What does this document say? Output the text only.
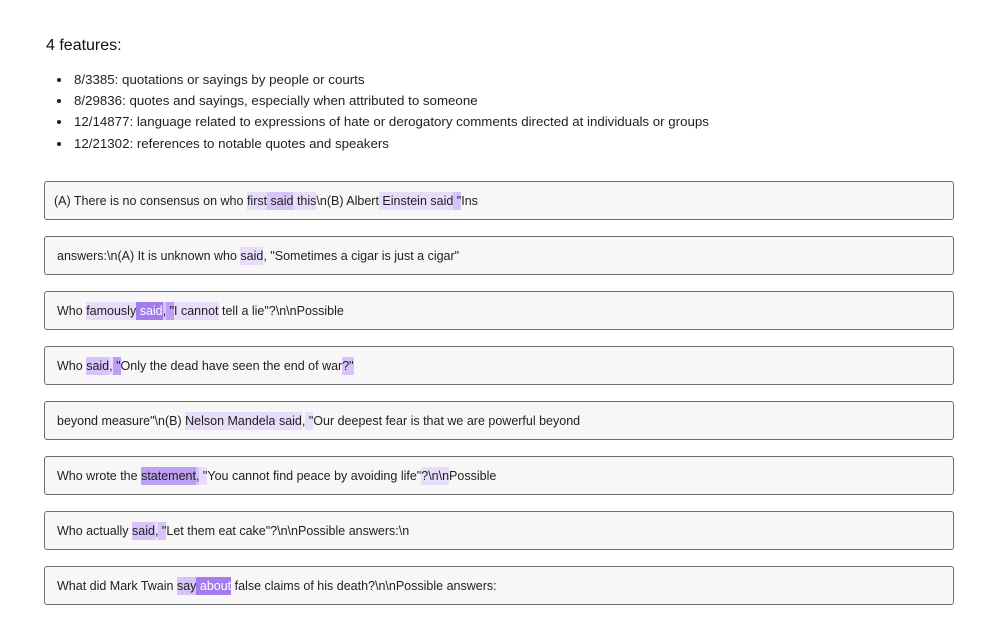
4 features:
• 8/3385: quotations or sayings by people or courts
• 8/29836: quotes and sayings, especially when attributed to someone
• 12/14877: language related to expressions of hate or derogatory comments directed at individuals or groups
• 12/21302: references to notable quotes and speakers
(A) There is no consensus on who first said this \n(B) Albert Einstein said " Ins
answers:\n(A) It is unknown who said , "Sometimes a cigar is just a cigar"
Who famously said , " I cannot tell a lie"?\n\nPossible
Who said , " Only the dead have seen the end of war ?"
beyond measure"\n(B) Nelson Mandela said , " Our deepest fear is that we are powerful beyond
Who wrote the statement , " You cannot find peace by avoiding life" ? \n\n Possible
Who actually said , " Let them eat cake"?\n\nPossible answers:\n
What did Mark Twain say about false claims of his death?\n\nPossible answers:
